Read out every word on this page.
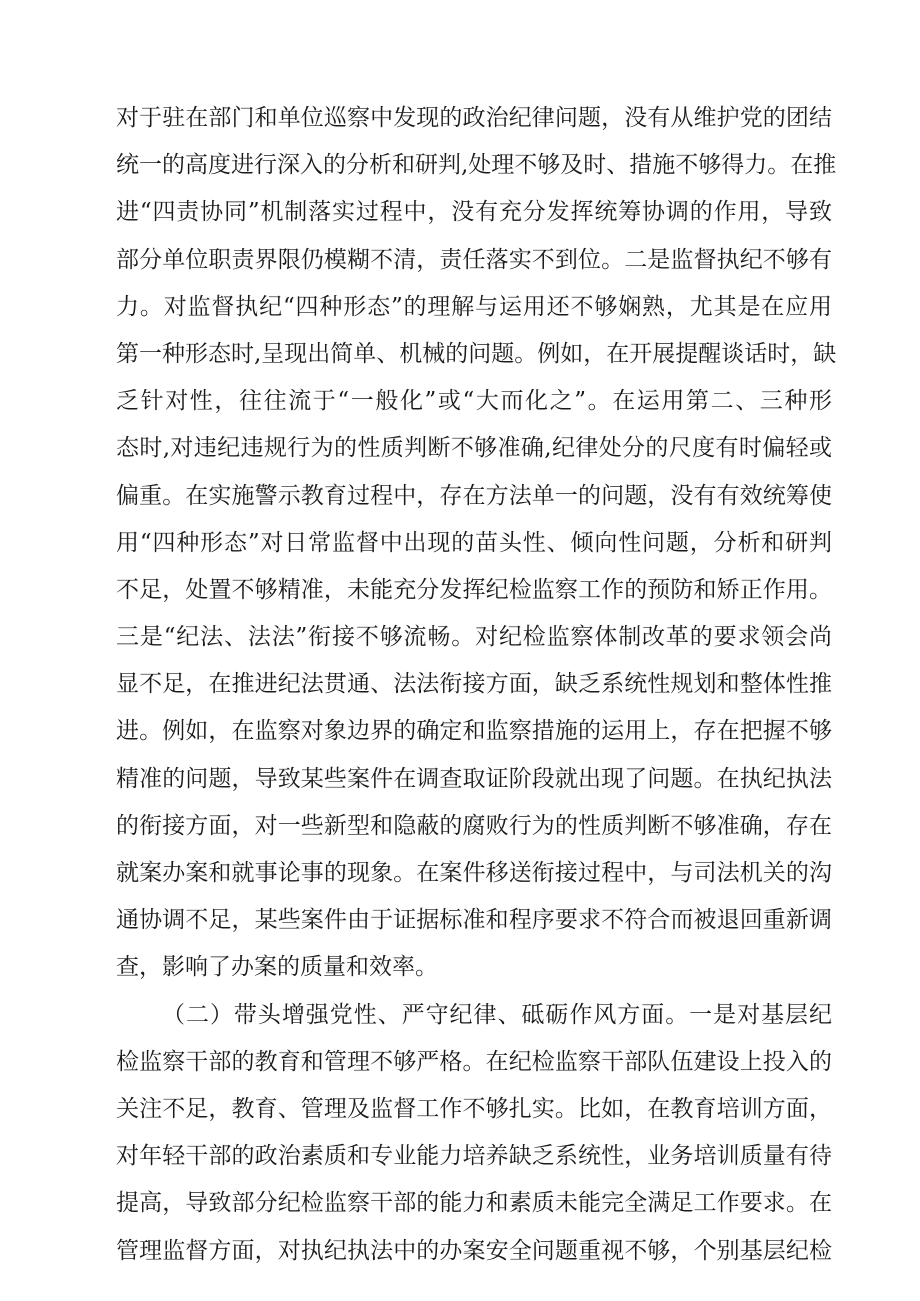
对于驻在部门和单位巡察中发现的政治纪律问题，没有从维护党的团结
统一的高度进行深入的分析和研判,处理不够及时、措施不够得力。在推
进“四责协同”机制落实过程中，没有充分发挥统筹协调的作用，导致
部分单位职责界限仍模糊不清，责任落实不到位。二是监督执纪不够有
力。对监督执纪“四种形态”的理解与运用还不够娴熟，尤其是在应用
第一种形态时,呈现出简单、机械的问题。例如，在开展提醒谈话时，缺
乏针对性，往往流于“一般化”或“大而化之”。在运用第二、三种形
态时,对违纪违规行为的性质判断不够准确,纪律处分的尺度有时偏轻或
偏重。在实施警示教育过程中，存在方法单一的问题，没有有效统筹使
用“四种形态”对日常监督中出现的苗头性、倾向性问题，分析和研判
不足，处置不够精准，未能充分发挥纪检监察工作的预防和矫正作用。
三是“纪法、法法”衔接不够流畅。对纪检监察体制改革的要求领会尚
显不足，在推进纪法贯通、法法衔接方面，缺乏系统性规划和整体性推
进。例如，在监察对象边界的确定和监察措施的运用上，存在把握不够
精准的问题，导致某些案件在调查取证阶段就出现了问题。在执纪执法
的衔接方面，对一些新型和隐蔽的腐败行为的性质判断不够准确，存在
就案办案和就事论事的现象。在案件移送衔接过程中，与司法机关的沟
通协调不足，某些案件由于证据标准和程序要求不符合而被退回重新调
查，影响了办案的质量和效率。
（二）带头增强党性、严守纪律、砥砺作风方面。一是对基层纪
检监察干部的教育和管理不够严格。在纪检监察干部队伍建设上投入的
关注不足，教育、管理及监督工作不够扎实。比如，在教育培训方面，
对年轻干部的政治素质和专业能力培养缺乏系统性，业务培训质量有待
提高，导致部分纪检监察干部的能力和素质未能完全满足工作要求。在
管理监督方面，对执纪执法中的办案安全问题重视不够，个别基层纪检
